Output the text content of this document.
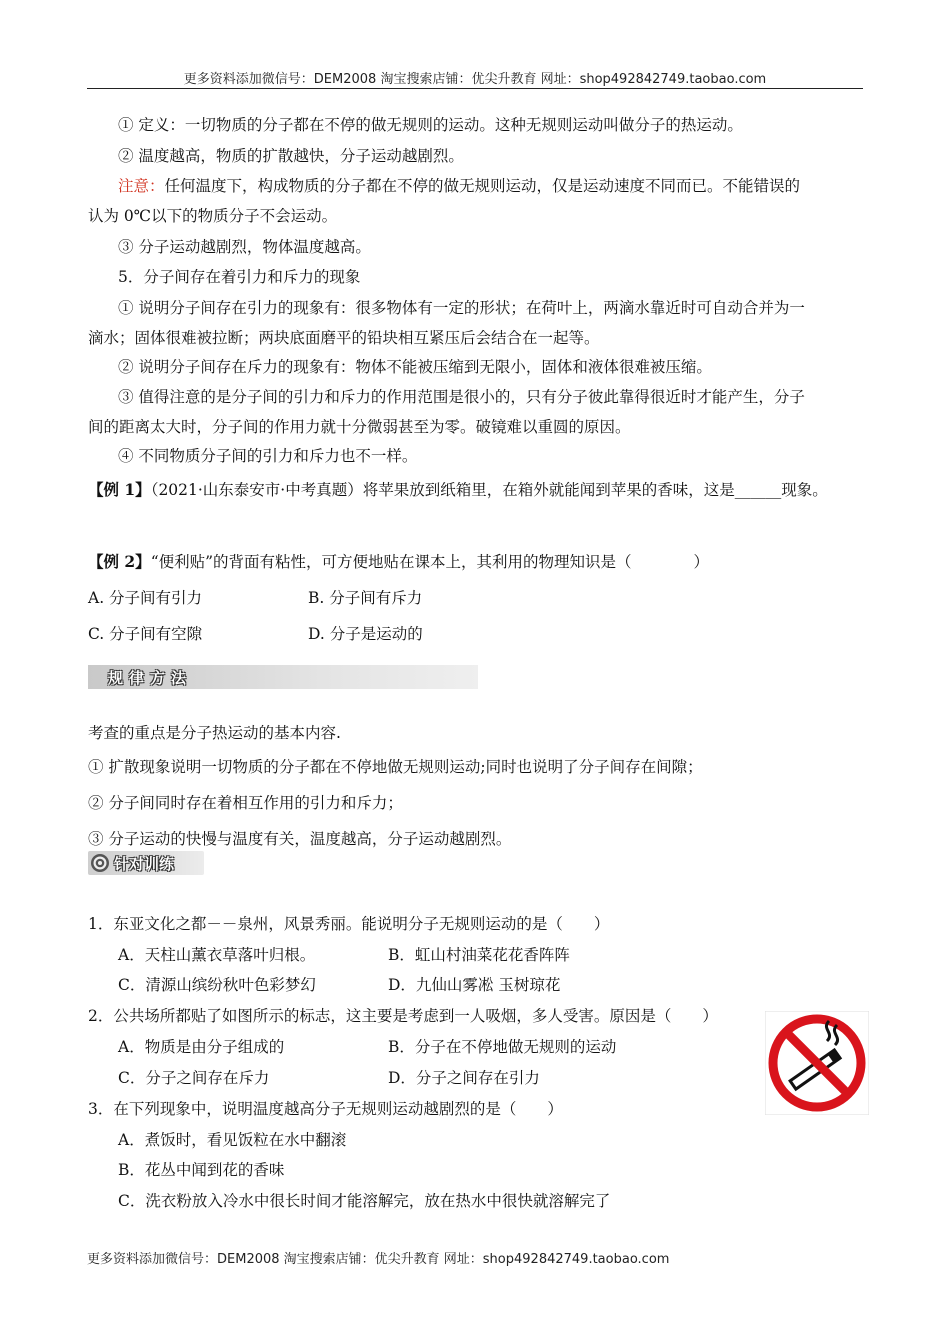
更多资料添加微信号：DEM2008 淘宝搜索店铺：优尖升教育 网址：shop492842749.taobao.com
① 定义：一切物质的分子都在不停的做无规则的运动。这种无规则运动叫做分子的热运动。
② 温度越高，物质的扩散越快，分子运动越剧烈。
注意：任何温度下，构成物质的分子都在不停的做无规则运动，仅是运动速度不同而已。不能错误的
认为 0℃以下的物质分子不会运动。
③ 分子运动越剧烈，物体温度越高。
5．分子间存在着引力和斥力的现象
① 说明分子间存在引力的现象有：很多物体有一定的形状；在荷叶上，两滴水靠近时可自动合并为一
滴水；固体很难被拉断；两块底面磨平的铅块相互紧压后会结合在一起等。
② 说明分子间存在斥力的现象有：物体不能被压缩到无限小，固体和液体很难被压缩。
③ 值得注意的是分子间的引力和斥力的作用范围是很小的，只有分子彼此靠得很近时才能产生，分子
间的距离太大时，分子间的作用力就十分微弱甚至为零。破镜难以重圆的原因。
④ 不同物质分子间的引力和斥力也不一样。
【例 1】（2021·山东泰安市·中考真题）将苹果放到纸箱里，在箱外就能闻到苹果的香味，这是______现象。
【例 2】“便利贴”的背面有粘性，可方便地贴在课本上，其利用的物理知识是（　　　　）
A. 分子间有引力	B. 分子间有斥力
C. 分子间有空隙	D. 分子是运动的
规律方法
考查的重点是分子热运动的基本内容.
① 扩散现象说明一切物质的分子都在不停地做无规则运动;同时也说明了分子间存在间隙；
② 分子间同时存在着相互作用的引力和斥力；
③ 分子运动的快慢与温度有关，温度越高，分子运动越剧烈。
针对训练
1．东亚文化之都－－泉州，风景秀丽。能说明分子无规则运动的是（　　）
A．天柱山薰衣草落叶归根。	B．虹山村油菜花花香阵阵
C．清源山缤纷秋叶色彩梦幻	D．九仙山雾凇 玉树琼花
2．公共场所都贴了如图所示的标志，这主要是考虑到一人吸烟，多人受害。原因是（　　）
A．物质是由分子组成的	B．分子在不停地做无规则的运动
C．分子之间存在斥力	D．分子之间存在引力
3．在下列现象中，说明温度越高分子无规则运动越剧烈的是（　　）
A．煮饭时，看见饭粒在水中翻滚
B．花丛中闻到花的香味
C．洗衣粉放入冷水中很长时间才能溶解完，放在热水中很快就溶解完了
更多资料添加微信号：DEM2008 淘宝搜索店铺：优尖升教育 网址：shop492842749.taobao.com
